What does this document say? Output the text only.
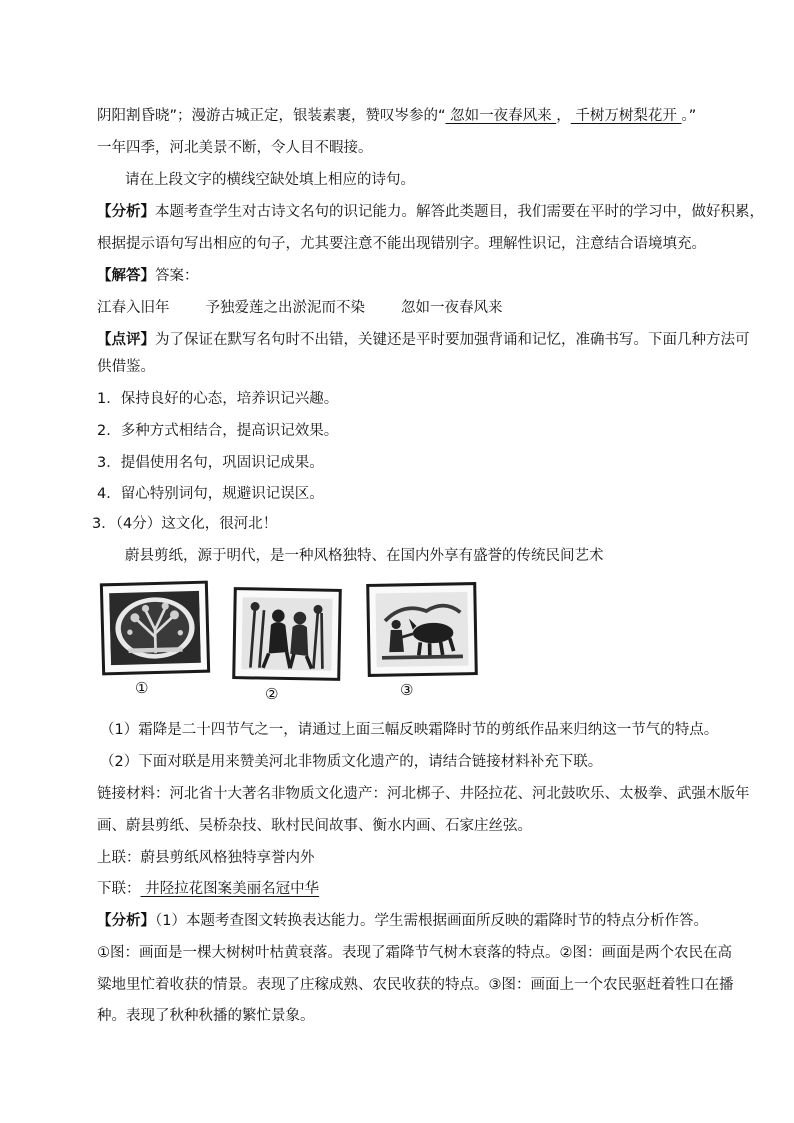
阴阳割昏晓”；漫游古城正定，银装素裹，赞叹岑参的“ 忽如一夜春风来 ， 千树万树梨花开 。”
一年四季，河北美景不断，令人目不暇接。
请在上段文字的横线空缺处填上相应的诗句。
【分析】本题考查学生对古诗文名句的识记能力。解答此类题目，我们需要在平时的学习中，做好积累，
根据提示语句写出相应的句子，尤其要注意不能出现错别字。理解性识记，注意结合语境填充。
【解答】答案：
江春入旧年 予独爱莲之出淤泥而不染 忽如一夜春风来
【点评】为了保证在默写名句时不出错，关键还是平时要加强背诵和记忆，准确书写。下面几种方法可
供借鉴。
1．保持良好的心态，培养识记兴趣。
2．多种方式相结合，提高识记效果。
3．提倡使用名句，巩固识记成果。
4．留心特别词句，规避识记误区。
3．（4分）这文化，很河北！
蔚县剪纸，源于明代，是一种风格独特、在国内外享有盛誉的传统民间艺术
①	②	③
（1）霜降是二十四节气之一，请通过上面三幅反映霜降时节的剪纸作品来归纳这一节气的特点。
（2）下面对联是用来赞美河北非物质文化遗产的，请结合链接材料补充下联。
链接材料：河北省十大著名非物质文化遗产：河北梆子、井陉拉花、河北鼓吹乐、太极拳、武强木版年
画、蔚县剪纸、吴桥杂技、耿村民间故事、衡水内画、石家庄丝弦。
上联：蔚县剪纸风格独特享誉内外
下联： 井陉拉花图案美丽名冠中华
【分析】（1）本题考查图文转换表达能力。学生需根据画面所反映的霜降时节的特点分析作答。
①图：画面是一棵大树树叶枯黄衰落。表现了霜降节气树木衰落的特点。②图：画面是两个农民在高
粱地里忙着收获的情景。表现了庄稼成熟、农民收获的特点。③图：画面上一个农民驱赶着牲口在播
种。表现了秋种秋播的繁忙景象。
